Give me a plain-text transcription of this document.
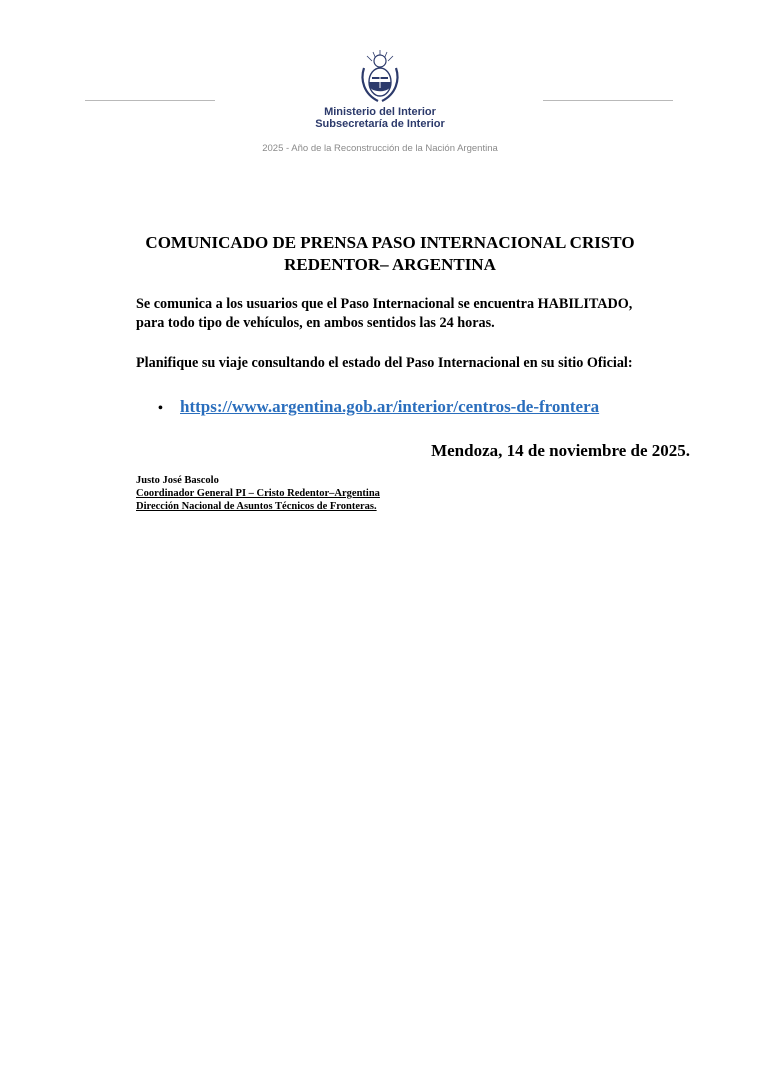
Ministerio del Interior
Subsecretaría de Interior
2025 - Año de la Reconstrucción de la Nación Argentina
COMUNICADO DE PRENSA PASO INTERNACIONAL CRISTO REDENTOR– ARGENTINA
Se comunica a los usuarios que el Paso Internacional se encuentra HABILITADO,
para todo tipo de vehículos, en ambos sentidos las 24 horas.
Planifique su viaje consultando el estado del Paso Internacional en su sitio Oficial:
• https://www.argentina.gob.ar/interior/centros-de-frontera
Mendoza, 14 de noviembre de 2025.
Justo José Bascolo
Coordinador General PI – Cristo Redentor–Argentina
Dirección Nacional de Asuntos Técnicos de Fronteras.
